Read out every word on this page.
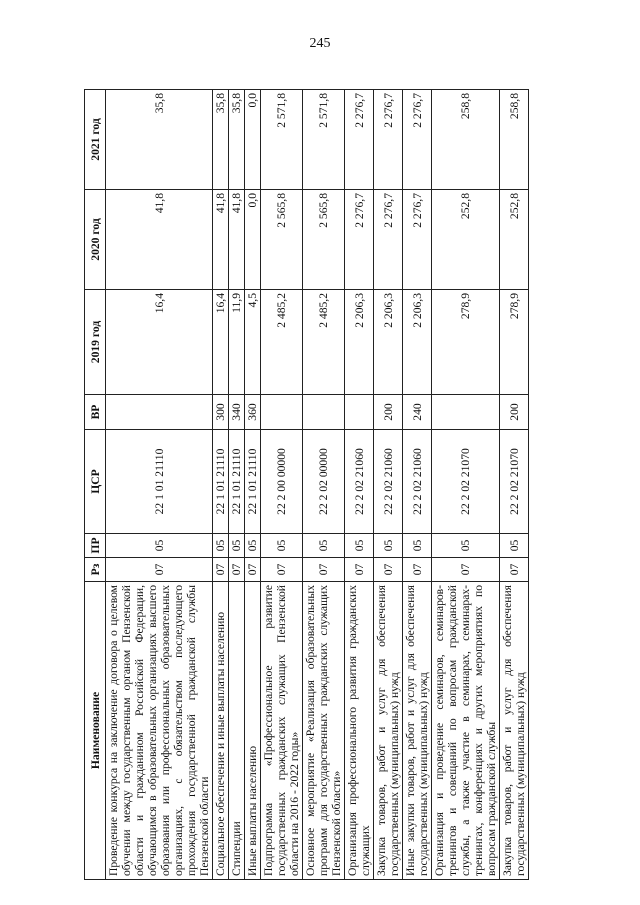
245
Наименование	Рз	ПР	ЦСР	ВР	2019 год	2020 год	2021 год
Проведение конкурса на заключение договора о целевом обучении между государственным органом Пензенской области и гражданином Российской Федерации, обучающимся в образовательных организациях высшего образования или профессиональных образовательных организациях, с обязательством последующего прохождения государственной гражданской службы Пензенской области	07	05	22 1 01 21110		16,4	41,8	35,8
Социальное обеспечение и иные выплаты населению	07	05	22 1 01 21110	300	16,4	41,8	35,8
Стипендии	07	05	22 1 01 21110	340	11,9	41,8	35,8
Иные выплаты населению	07	05	22 1 01 21110	360	4,5	0,0	0,0
Подпрограмма «Профессиональное развитие государственных гражданских служащих Пензенской области на 2016 - 2022 годы»	07	05	22 2 00 00000		2 485,2	2 565,8	2 571,8
Основное мероприятие «Реализация образовательных программ для государственных гражданских служащих Пензенской области»	07	05	22 2 02 00000		2 485,2	2 565,8	2 571,8
Организация профессионального развития гражданских служащих	07	05	22 2 02 21060		2 206,3	2 276,7	2 276,7
Закупка товаров, работ и услуг для обеспечения государственных (муниципальных) нужд	07	05	22 2 02 21060	200	2 206,3	2 276,7	2 276,7
Иные закупки товаров, работ и услуг для обеспечения государственных (муниципальных) нужд	07	05	22 2 02 21060	240	2 206,3	2 276,7	2 276,7
Организация и проведение семинаров, семинаров-тренингов и совещаний по вопросам гражданской службы, а также участие в семинарах, семинарах-тренингах, конференциях и других мероприятиях по вопросам гражданской службы	07	05	22 2 02 21070		278,9	252,8	258,8
Закупка товаров, работ и услуг для обеспечения государственных (муниципальных) нужд	07	05	22 2 02 21070	200	278,9	252,8	258,8
